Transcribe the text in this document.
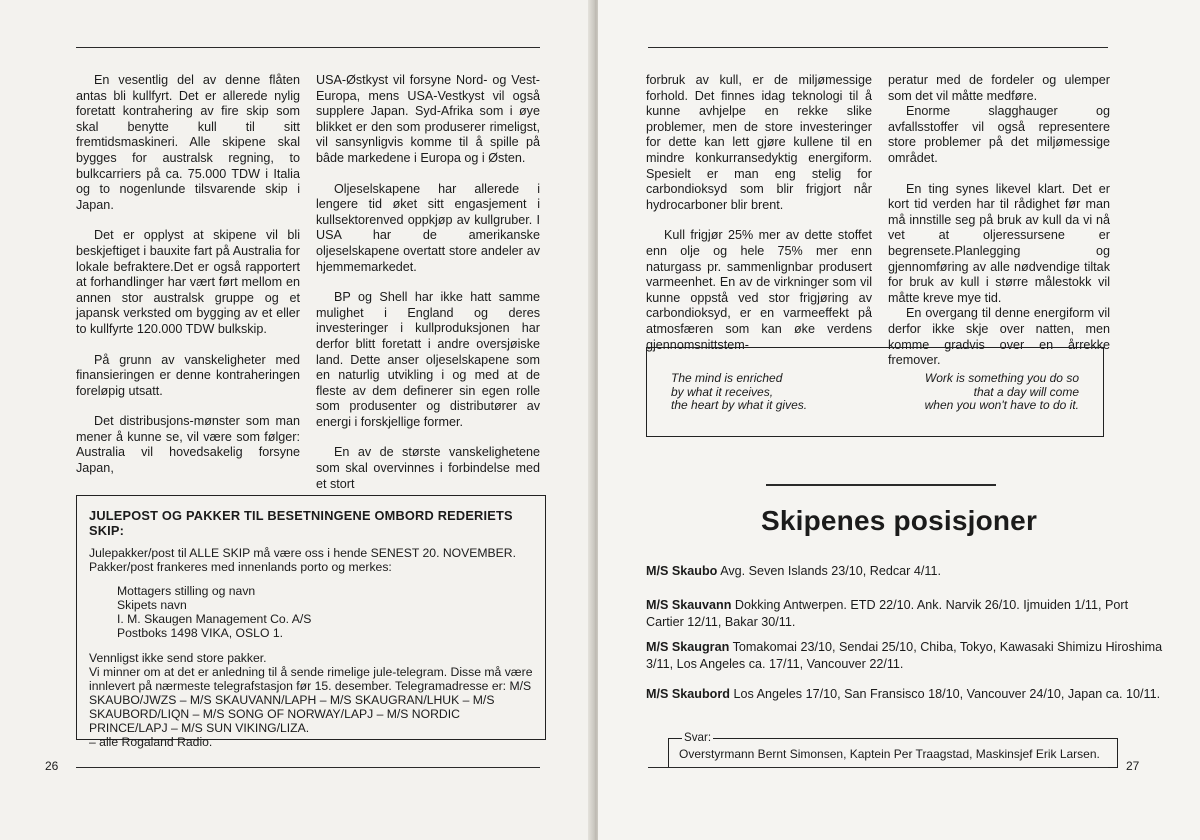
En vesentlig del av denne flåten antas bli kullfyrt. Det er allerede nylig foretatt kontrahering av fire skip som skal benytte kull til sitt fremtidsmaskineri. Alle skipene skal bygges for australsk regning, to bulkcarriers på ca. 75.000 TDW i Italia og to nogenlunde tilsvarende skip i Japan.

Det er opplyst at skipene vil bli beskjeftiget i bauxite fart på Australia for lokale befraktere.Det er også rapportert at forhandlinger har vært ført mellom en annen stor australsk gruppe og et japansk verksted om bygging av et eller to kullfyrte 120.000 TDW bulkskip.

På grunn av vanskeligheter med finansieringen er denne kontraheringen foreløpig utsatt.

Det distribusjons-mønster som man mener å kunne se, vil være som følger: Australia vil hovedsakelig forsyne Japan,

USA-Østkyst vil forsyne Nord- og Vest-Europa, mens USA-Vestkyst vil også supplere Japan. Syd-Afrika som i øye blikket er den som produserer rimeligst, vil sansynligvis komme til å spille på bâde markedene i Europa og i Østen.

Oljeselskapene har allerede i lengere tid øket sitt engasjement i kullsektorenved oppkjøp av kullgruber. I USA har de amerikanske oljeselskapene overtatt store andeler av hjemmemarkedet.

BP og Shell har ikke hatt samme mulighet i England og deres investeringer i kullproduksjonen har derfor blitt foretatt i andre oversjøiske land. Dette anser oljeselskapene som en naturlig utvikling i og med at de fleste av dem definerer sin egen rolle som produsenter og distributører av energi i forskjellige former.

En av de største vanskelighetene som skal overvinnes i forbindelse med et stort

JULEPOST OG PAKKER TIL BESETNINGENE OMBORD REDERIETS SKIP:

Julepakker/post til ALLE SKIP må være oss i hende SENEST 20. NOVEMBER. Pakker/post frankeres med innenlands porto og merkes:

Mottagers stilling og navn
Skipets navn
I. M. Skaugen Management Co. A/S
Postboks 1498 VIKA, OSLO 1.

Vennligst ikke send store pakker.

Vi minner om at det er anledning til å sende rimelige jule-telegram. Disse må være innlevert på nærmeste telegrafstasjon før 15. desember. Telegramadresse er: M/S SKAUBO/JWZS – M/S SKAUVANN/LAPH – M/S SKAUGRAN/LHUK – M/S SKAUBORD/LIQN – M/S SONG OF NORWAY/LAPJ – M/S NORDIC PRINCE/LAPJ – M/S SUN VIKING/LIZA.

– alle Rogaland Radio.

26

forbruk av kull, er de miljømessige forhold. Det finnes idag teknologi til å kunne avhjelpe en rekke slike problemer, men de store investeringer for dette kan lett gjøre kullene til en mindre konkurransedyktig energiform. Spesielt er man eng stelig for carbondioksyd som blir frigjort når hydrocarboner blir brent.

Kull frigjør 25% mer av dette stoffet enn olje og hele 75% mer enn naturgass pr. sammenlignbar produsert varmeenhet. En av de virkninger som vil kunne oppstå ved stor frigjøring av carbondioksyd, er en varmeeffekt på atmosfæren som kan øke verdens gjennomsnittstem-

peratur med de fordeler og ulemper som det vil måtte medføre.

Enorme slagghauger og avfallsstoffer vil også representere store problemer på det miljømessige området.

En ting synes likevel klart. Det er kort tid verden har til rådighet før man må innstille seg på bruk av kull da vi nå vet at oljeressursene er begrensete.Planlegging og gjennomføring av alle nødvendige tiltak for bruk av kull i større målestokk vil måtte kreve mye tid.

En overgang til denne energiform vil derfor ikke skje over natten, men komme gradvis over en årrekke fremover.

The mind is enriched
by what it receives,
the heart by what it gives.
Work is something you do so
that a day will come
when you won't have to do it.
Skipenes posisjoner
M/S Skaubo Avg. Seven Islands 23/10, Redcar 4/11.
M/S Skauvann Dokking Antwerpen. ETD 22/10. Ank. Narvik 26/10. Ijmuiden 1/11, Port Cartier 12/11, Bakar 30/11.
M/S Skaugran Tomakomai 23/10, Sendai 25/10, Chiba, Tokyo, Kawasaki Shimizu Hiroshima 3/11, Los Angeles ca. 17/11, Vancouver 22/11.
M/S Skaubord Los Angeles 17/10, San Fransisco 18/10, Vancouver 24/10, Japan ca. 10/11.
Overstyrmann Bernt Simonsen, Kaptein Per Traagstad, Maskinsjef Erik Larsen.
Svar:
27
